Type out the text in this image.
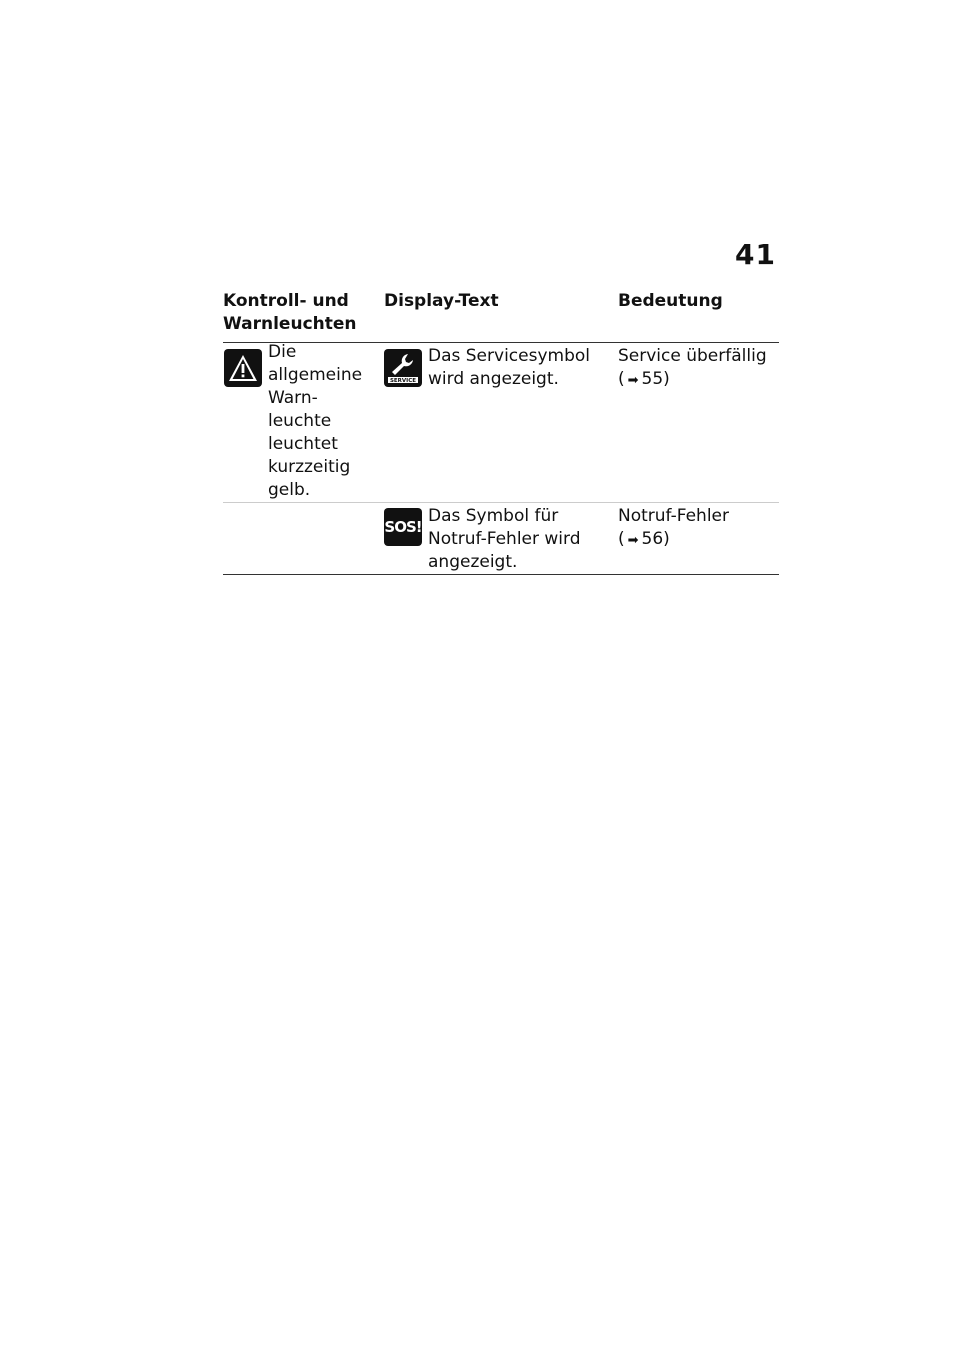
41
Kontroll- und Warnleuchten
Display-Text	Bedeutung
Die
allgemeine
Warn-
leuchte
leuchtet
kurzzeitig
gelb.
SERVICE
Das Servicesymbol
wird angezeigt.
Service überfällig
( ➡ 55)
SOS!
Das Symbol für
Notruf-Fehler wird
angezeigt.
Notruf-Fehler
( ➡ 56)
